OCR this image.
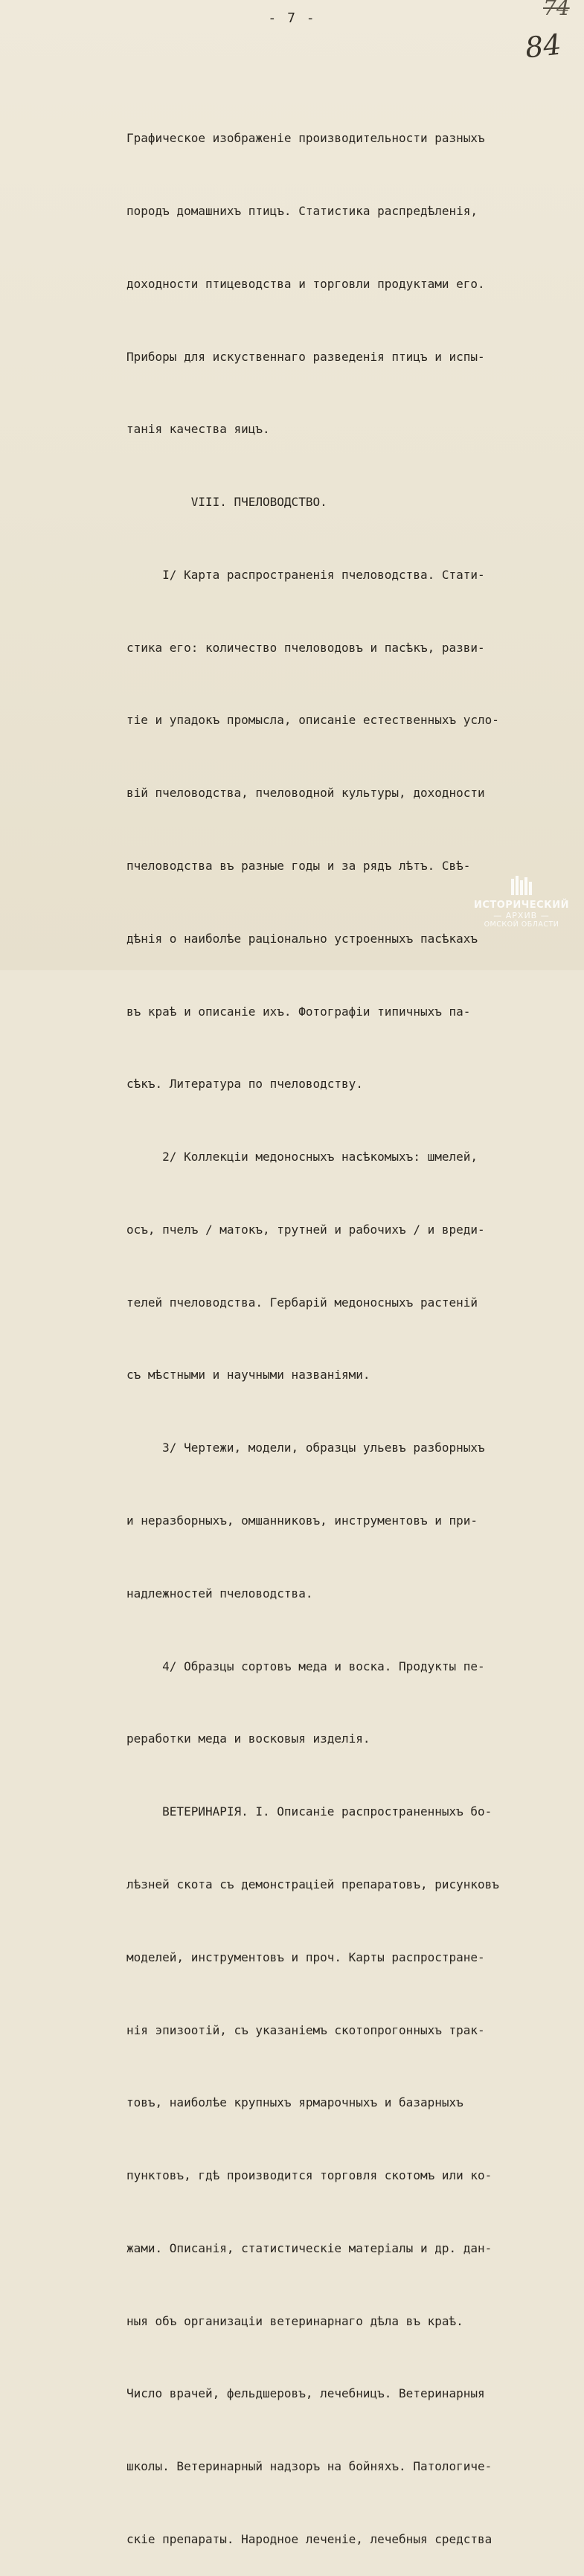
- 7 -	74
84

Графическое изображенiе производительности разныхъ

породъ домашнихъ птицъ. Статистика распредѣленiя,

доходности птицеводства и торговли продуктами его.

Приборы для искуственнаго разведенiя птицъ и испы-

танiя качества яицъ.

VIII. ПЧЕЛОВОДСТВО.

I/ Карта распространенiя пчеловодства. Стати-

стика его: количество пчеловодовъ и пасѣкъ, разви-

тiе и упадокъ промысла, описанiе естественныхъ усло-

вiй пчеловодства, пчеловодной культуры, доходности

пчеловодства въ разные годы и за рядъ лѣтъ. Свѣ-

дѣнiя о наиболѣе рацiонально устроенныхъ пасѣкахъ

въ краѣ и описанiе ихъ. Фотографiи типичныхъ па-

сѣкъ. Литература по пчеловодству.

2/ Коллекцiи медоносныхъ насѣкомыхъ: шмелей,

осъ, пчелъ / матокъ, трутней и рабочихъ / и вреди-

телей пчеловодства. Гербарiй медоносныхъ растенiй

съ мѣстными и научными названiями.

3/ Чертежи, модели, образцы ульевъ разборныхъ

и неразборныхъ, омшанниковъ, инструментовъ и при-

надлежностей пчеловодства.

4/ Образцы сортовъ меда и воска. Продукты пе-

реработки меда и восковыя изделiя.

ВЕТЕРИНАРIЯ. I. Описанiе распространенныхъ бо-

лѣзней скота съ демонстрацiей препаратовъ, рисунковъ

моделей, инструментовъ и проч. Карты распростране-

нiя эпизоотiй, съ указанiемъ скотопрогонныхъ трак-

товъ, наиболѣе крупныхъ ярмарочныхъ и базарныхъ

пунктовъ, гдѣ производится торговля скотомъ или ко-

жами. Описанiя, статистическiе матерiалы и др. дан-

ныя объ организацiи ветеринарнаго дѣла въ краѣ.

Число врачей, фельдшеровъ, лечебницъ. Ветеринарныя

школы. Ветеринарный надзоръ на бойняхъ. Патологиче-

скiе препараты. Народное леченiе, лечебныя средства

ИСТОРИЧЕСКИЙ
— АРХИВ —
ОМСКОЙ ОБЛАСТИ
